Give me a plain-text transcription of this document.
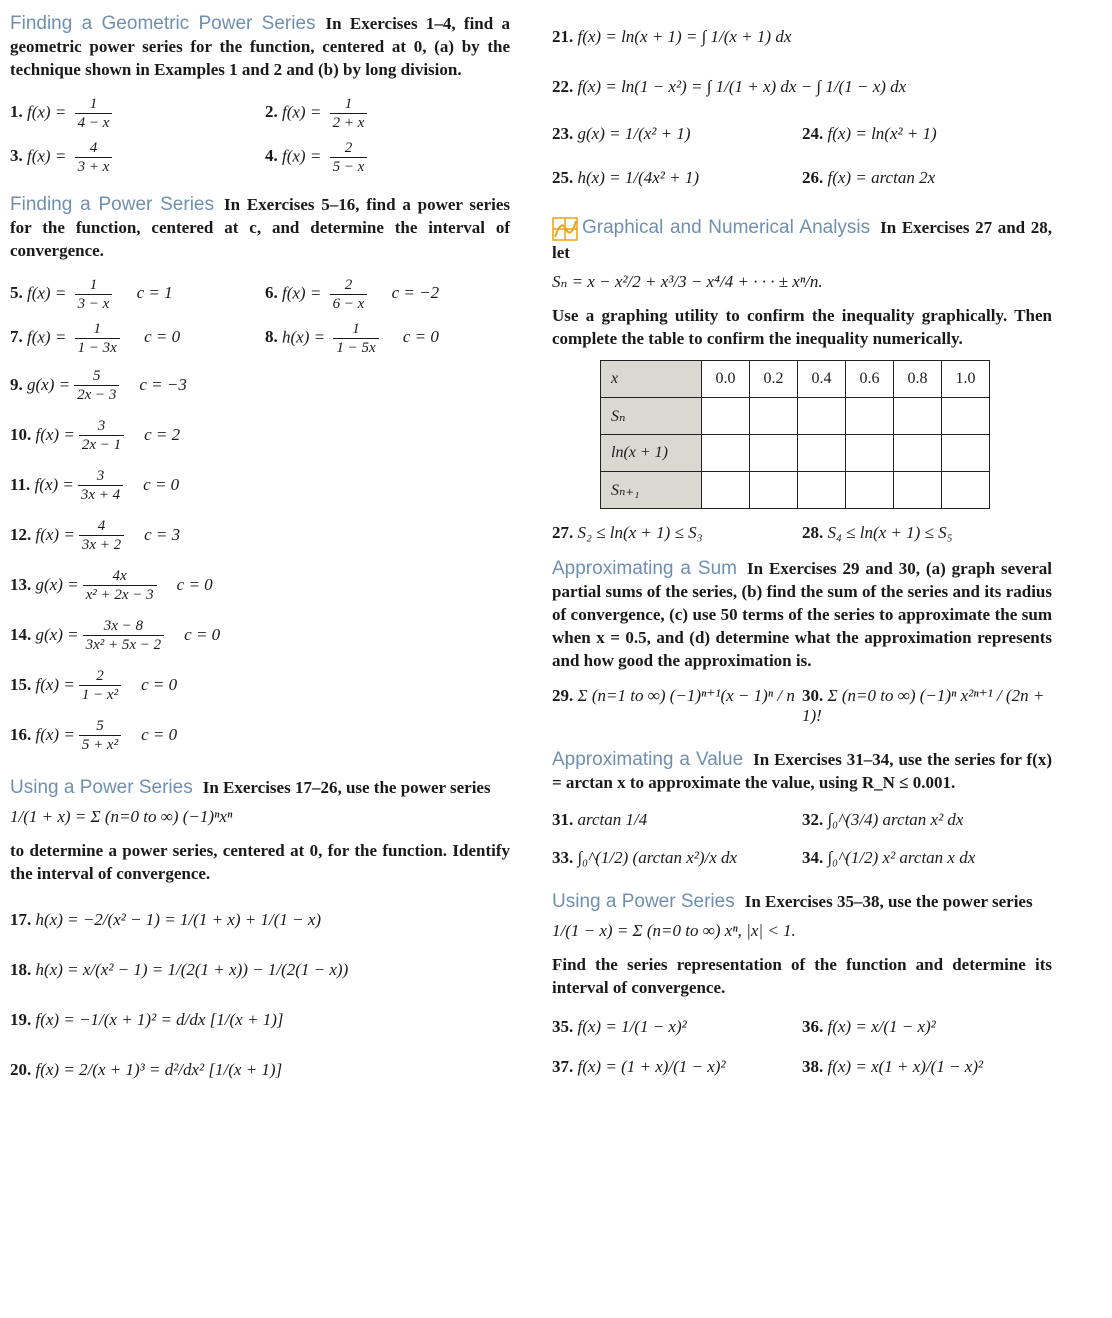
Finding a Geometric Power Series In Exercises 1–4, find a geometric power series for the function, centered at 0, (a) by the technique shown in Examples 1 and 2 and (b) by long division.

1. $f(x) = \frac{1}{4 - x}$	2. $f(x) = \frac{1}{2 + x}$
3. $f(x) = \frac{4}{3 + x}$	4. $f(x) = \frac{2}{5 - x}$

Finding a Power Series In Exercises 5–16, find a power series for the function, centered at c, and determine the interval of convergence.

5. $f(x) = \frac{1}{3 - x}$ c = 1	6. $f(x) = \frac{2}{6 - x}$ c = −2
7. $f(x) = \frac{1}{1 - 3x}$ c = 0	8. $h(x) = \frac{1}{1 - 5x}$ c = 0
9.
$g(x) = \frac{5}{2x - 3}$ c = −3
10.
$f(x) = \frac{3}{2x - 1}$ c = 2
11.
$f(x) = \frac{3}{3x + 4}$ c = 0
12.
$f(x) = \frac{4}{3x + 2}$ c = 3
13.
$g(x) = \frac{4x}{\text{x² + 2x − 3}}$ c = 0
14.
$g(x) = \frac{3x - 8}{\text{3x² + 5x − 2}}$ c = 0
15.
$f(x) = \frac{2}{\text{1 − x²}}$ c = 0
16.
$f(x) = \frac{5}{\text{5 + x²}}$ c = 0

Using a Power Series In Exercises 17–26, use the power series

1/(1 + x) = Σ (n=0 to ∞) (−1)ⁿxⁿ

to determine a power series, centered at 0, for the function. Identify the interval of convergence.

17.
h(x) = −2/(x² − 1) = 1/(1 + x) + 1/(1 − x)
18.
h(x) = x/(x² − 1) = 1/(2(1 + x)) − 1/(2(1 − x))
19.
f(x) = −1/(x + 1)² = d/dx [1/(x + 1)]
20.
f(x) = 2/(x + 1)³ = d²/dx² [1/(x + 1)]
21.
f(x) = ln(x + 1) = ∫ 1/(x + 1) dx
22.
f(x) = ln(1 − x²) = ∫ 1/(1 + x) dx − ∫ 1/(1 − x) dx
23. g(x) = 1/(x² + 1)	24. f(x) = ln(x² + 1)
25. h(x) = 1/(4x² + 1)	26. f(x) = arctan 2x

Graphical and Numerical Analysis In Exercises 27 and 28, let

Sₙ = x − x²/2 + x³/3 − x⁴/4 + · · · ± xⁿ/n.

Use a graphing utility to confirm the inequality graphically. Then complete the table to confirm the inequality numerically.

x	0.0	0.2	0.4	0.6	0.8	1.0
Sₙ						
ln(x + 1)						
Sₙ₊₁						
27. S₂ ≤ ln(x + 1) ≤ S₃	28. S₄ ≤ ln(x + 1) ≤ S₅

Approximating a Sum In Exercises 29 and 30, (a) graph several partial sums of the series, (b) find the sum of the series and its radius of convergence, (c) use 50 terms of the series to approximate the sum when x = 0.5, and (d) determine what the approximation represents and how good the approximation is.

29. Σ (n=1 to ∞) (−1)ⁿ⁺¹(x − 1)ⁿ / n 30. Σ (n=0 to ∞) (−1)ⁿ x²ⁿ⁺¹ / (2n + 1)!

Approximating a Value In Exercises 31–34, use the series for f(x) = arctan x to approximate the value, using R_N ≤ 0.001.

31. arctan 1/4	32. ∫₀^(3/4) arctan x² dx
33. ∫₀^(1/2) (arctan x²)/x dx	34. ∫₀^(1/2) x² arctan x dx

Using a Power Series In Exercises 35–38, use the power series

1/(1 − x) = Σ (n=0 to ∞) xⁿ, |x| < 1.

Find the series representation of the function and determine its interval of convergence.

35. f(x) = 1/(1 − x)²	36. f(x) = x/(1 − x)²
37. f(x) = (1 + x)/(1 − x)²	38. f(x) = x(1 + x)/(1 − x)²
